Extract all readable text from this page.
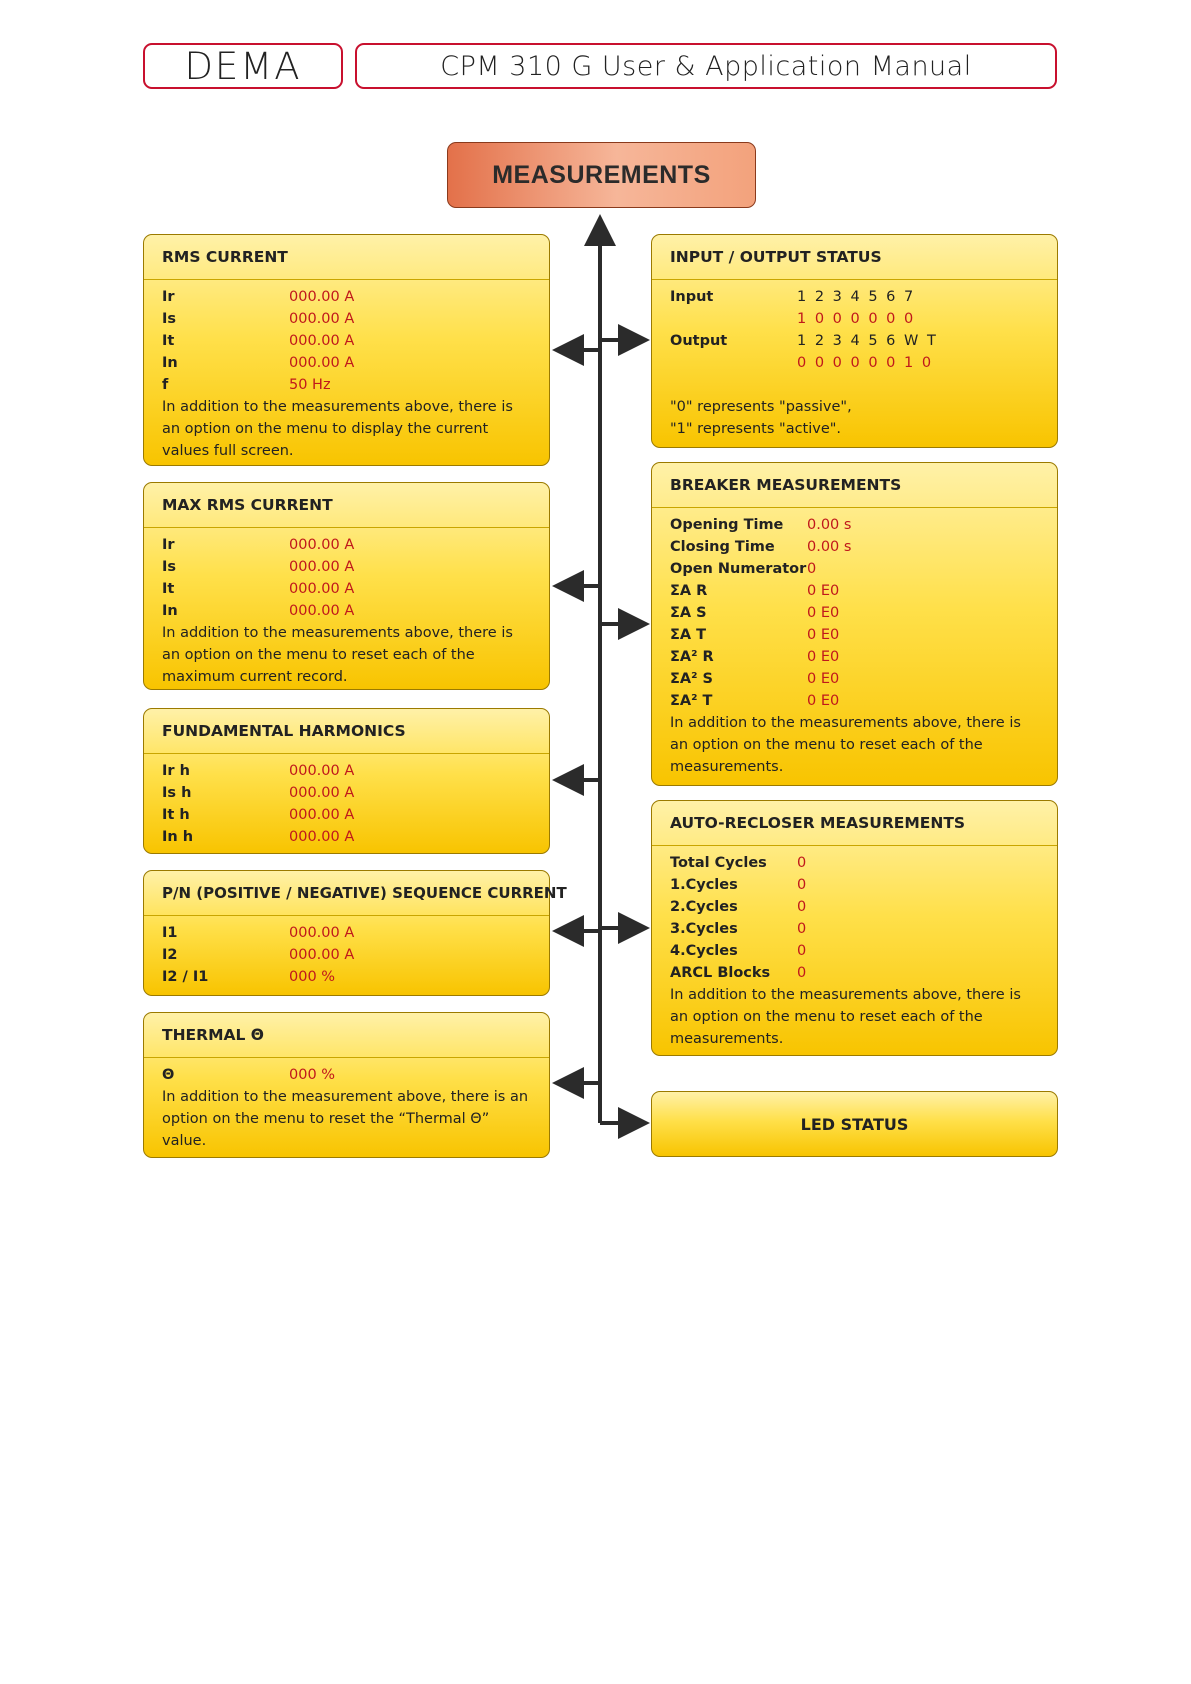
DEMA	CPM 310 G User & Application Manual
MEASUREMENTS
RMS CURRENT
Ir	000.00 A
Is	000.00 A
It	000.00 A
In	000.00 A
f	50 Hz
In addition to the measurements above, there is an option on the menu to display the current values full screen.
MAX RMS CURRENT
Ir	000.00 A
Is	000.00 A
It	000.00 A
In	000.00 A
In addition to the measurements above, there is an option on the menu to reset each of the maximum current record.
FUNDAMENTAL HARMONICS
Ir h	000.00 A
Is h	000.00 A
It h	000.00 A
In h	000.00 A
P/N (POSITIVE / NEGATIVE) SEQUENCE CURRENT
I1	000.00 A
I2	000.00 A
I2 / I1	000 %
THERMAL Θ
Θ	000 %
In addition to the measurement above, there is an option on the menu to reset the “Thermal Θ” value.
INPUT / OUTPUT STATUS
Input	1 2 3 4 5 6 7
1 0 0 0 0 0 0
Output	1 2 3 4 5 6 W T
0 0 0 0 0 0 1 0
"0" represents "passive",
"1" represents "active".
BREAKER MEASUREMENTS
Opening Time	0.00 s
Closing Time	0.00 s
Open Numerator 0
ΣA R	0 E0
ΣA S	0 E0
ΣA T	0 E0
ΣA² R	0 E0
ΣA² S	0 E0
ΣA² T	0 E0
In addition to the measurements above, there is an option on the menu to reset each of the measurements.
AUTO-RECLOSER MEASUREMENTS
Total Cycles	0
1.Cycles	0
2.Cycles	0
3.Cycles	0
4.Cycles	0
ARCL Blocks	0
In addition to the measurements above, there is an option on the menu to reset each of the measurements.
LED STATUS
